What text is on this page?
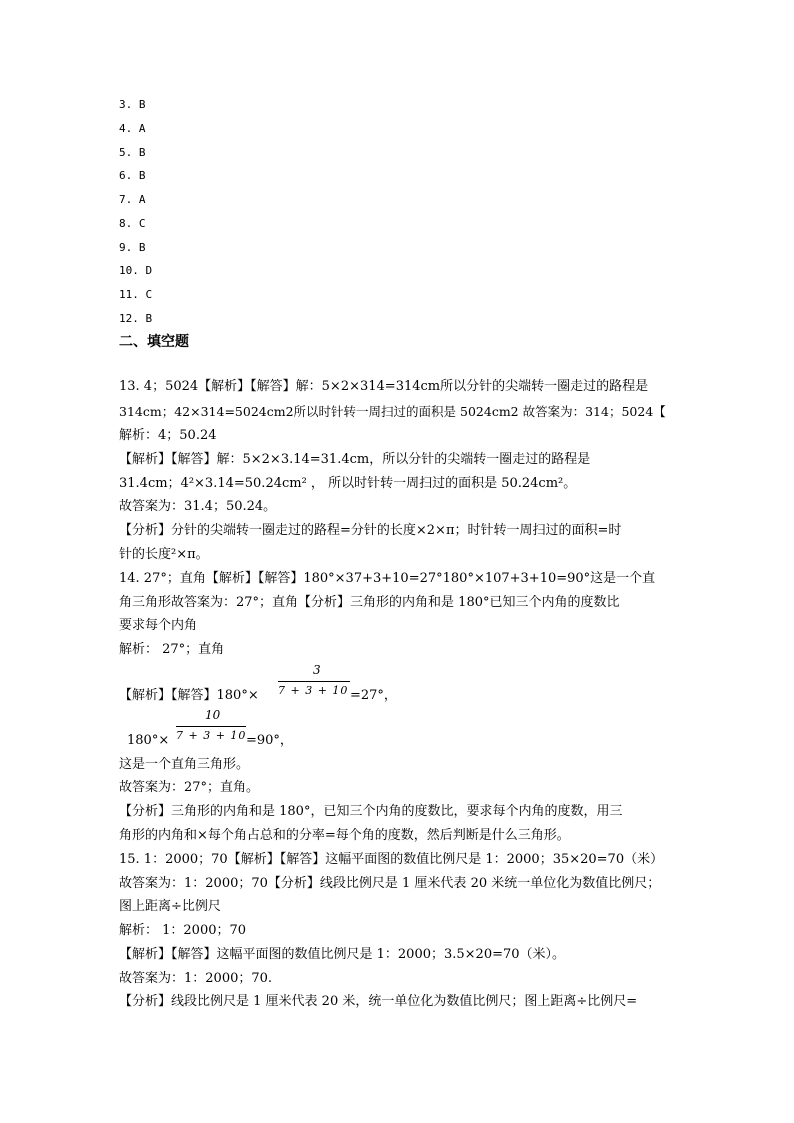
3. B
4. A
5. B
6. B
7. A
8. C
9. B
10. D
11. C
12. B
二、填空题
13. 4；5024【解析】【解答】解：5×2×314=314cm所以分针的尖端转一圈走过的路程是
314cm；42×314=5024cm2所以时针转一周扫过的面积是 5024cm2 故答案为：314；5024【
解析：4；50.24
【解析】【解答】解：5×2×3.14=31.4cm，所以分针的尖端转一圈走过的路程是
31.4cm；4²×3.14=50.24cm² ， 所以时针转一周扫过的面积是 50.24cm²。
故答案为：31.4；50.24。
【分析】分针的尖端转一圈走过的路程=分针的长度×2×π；时针转一周扫过的面积=时
针的长度²×π。
14. 27°；直角【解析】【解答】180°×37+3+10=27°180°×107+3+10=90°这是一个直
角三角形故答案为：27°；直角【分析】三角形的内角和是 180°已知三个内角的度数比
要求每个内角
解析： 27°；直角
3
【解析】【解答】180°× 7 + 3 + 10 =27°，
10
180°× 7 + 3 + 10 =90°，
这是一个直角三角形。
故答案为：27°；直角。
【分析】三角形的内角和是 180°，已知三个内角的度数比，要求每个内角的度数，用三
角形的内角和×每个角占总和的分率=每个角的度数，然后判断是什么三角形。
15. 1：2000；70【解析】【解答】这幅平面图的数值比例尺是 1：2000；35×20=70（米）
故答案为：1：2000；70【分析】线段比例尺是 1 厘米代表 20 米统一单位化为数值比例尺；
图上距离÷比例尺
解析： 1：2000；70
【解析】【解答】这幅平面图的数值比例尺是 1：2000；3.5×20=70（米）。
故答案为：1：2000；70.
【分析】线段比例尺是 1 厘米代表 20 米，统一单位化为数值比例尺；图上距离÷比例尺=
